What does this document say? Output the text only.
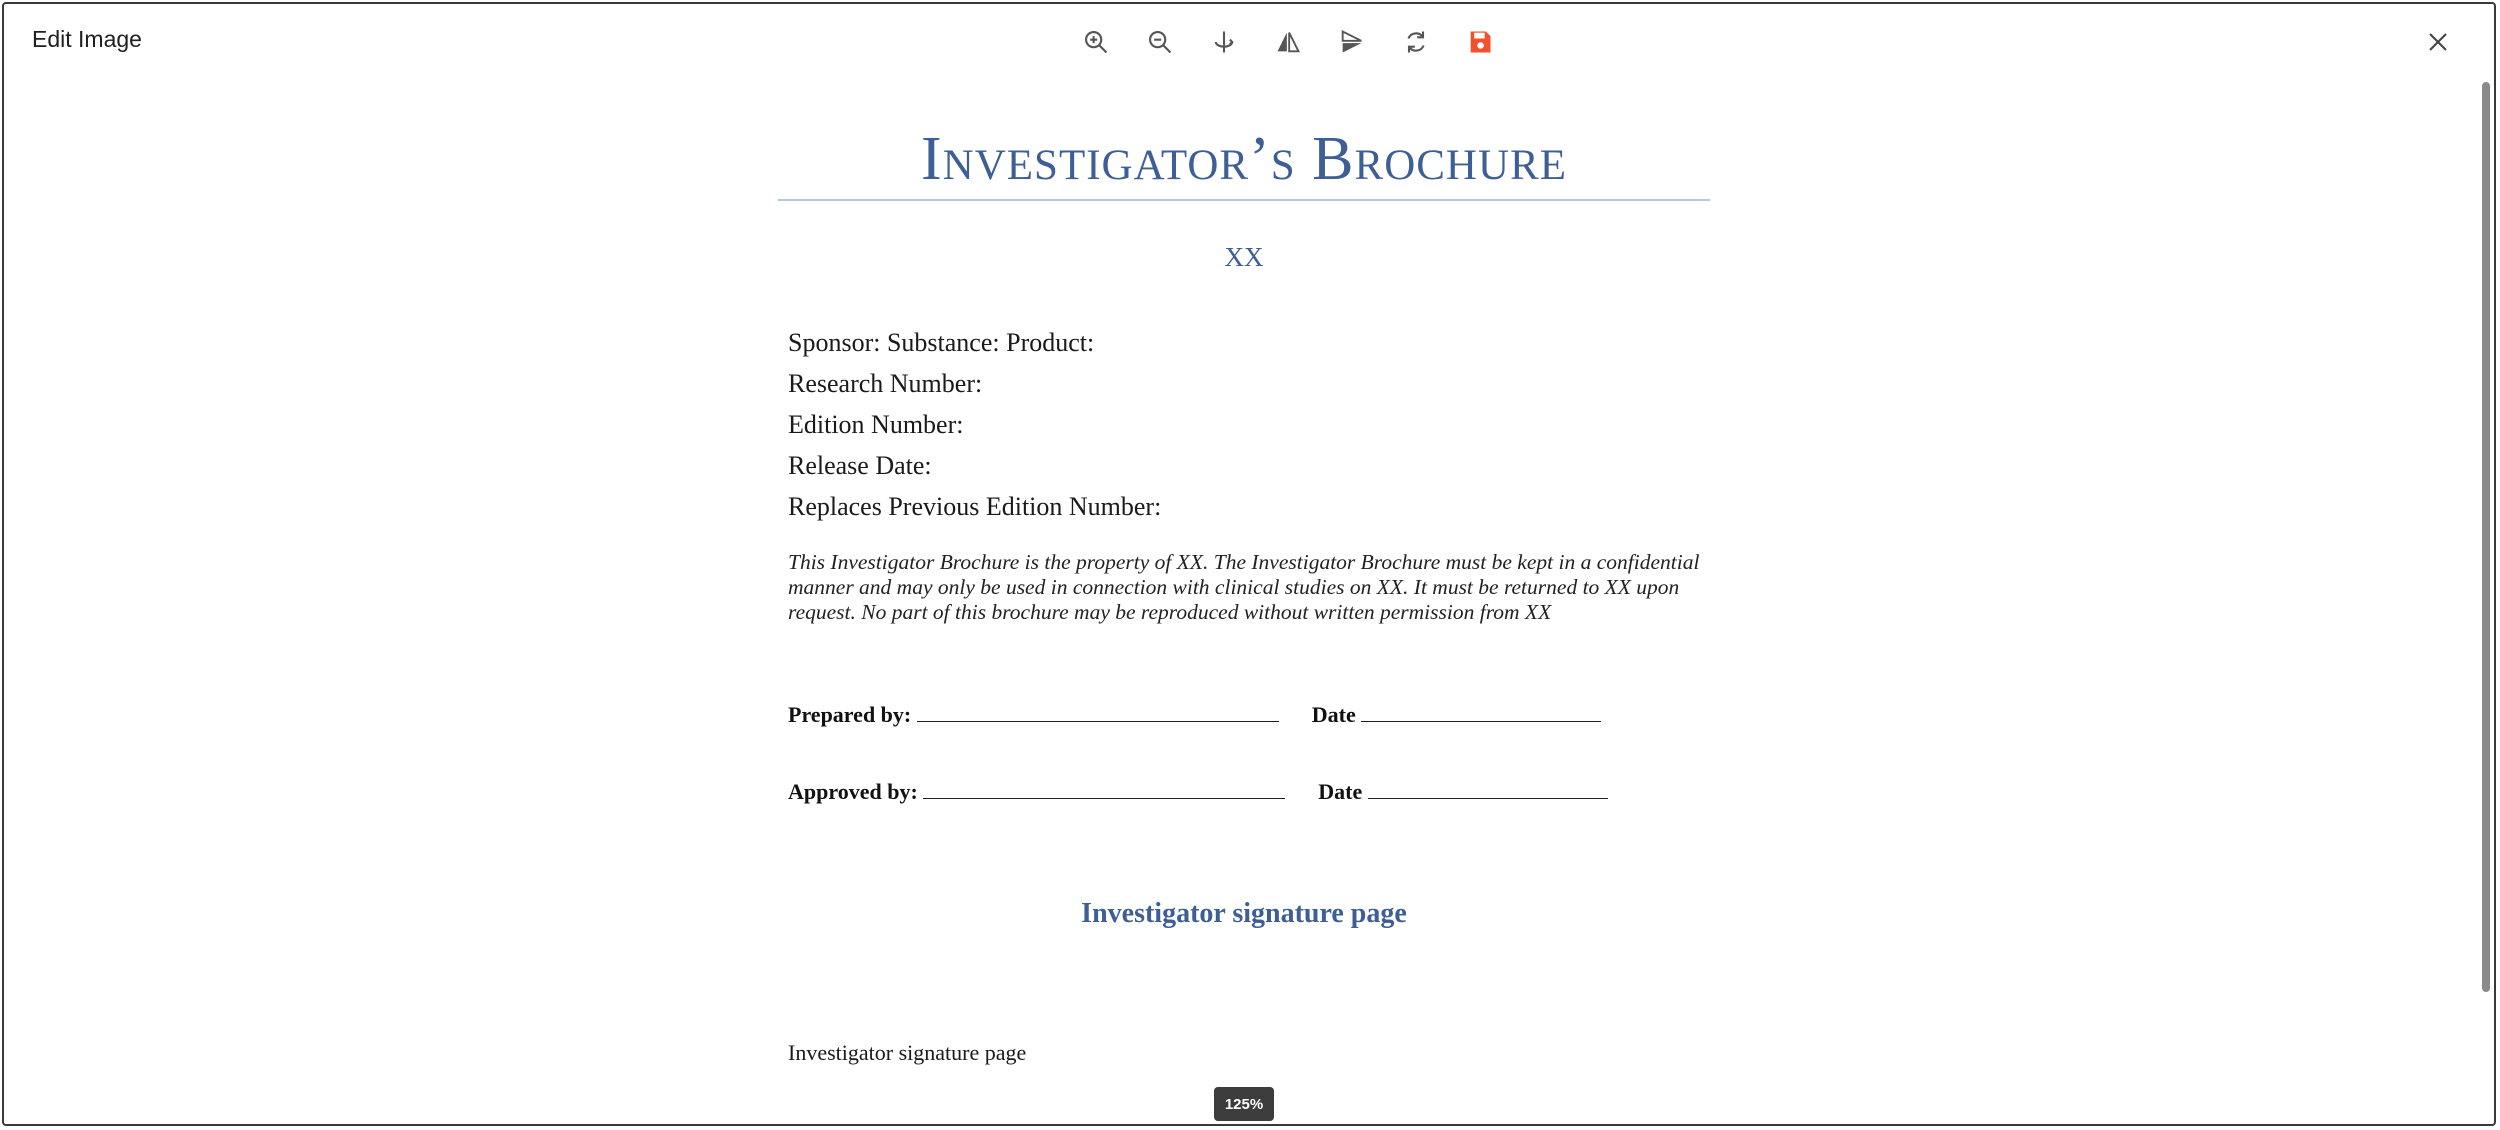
Edit Image
Investigator’s Brochure
XX
Sponsor: Substance: Product:
Research Number:
Edition Number:
Release Date:
Replaces Previous Edition Number:
This Investigator Brochure is the property of XX. The Investigator Brochure must be kept in a confidential manner and may only be used in connection with clinical studies on XX. It must be returned to XX upon request. No part of this brochure may be reproduced without written permission from XX
Prepared by:	Date
Approved by:	Date
Investigator signature page
Investigator signature page
125%
